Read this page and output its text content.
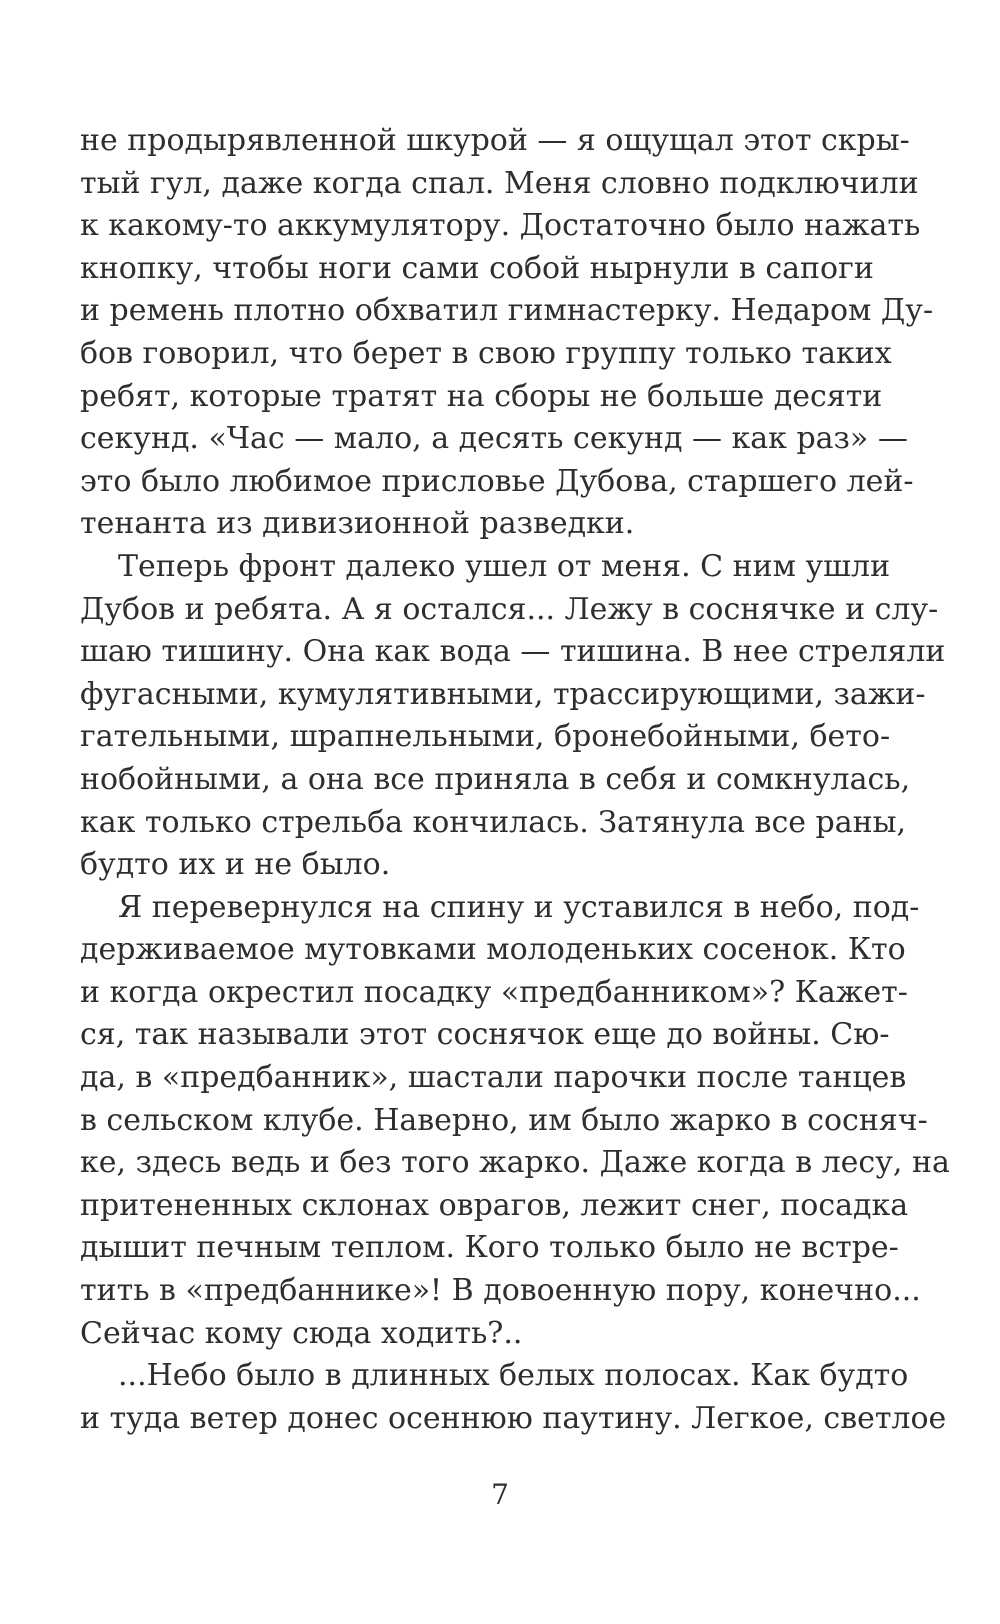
не продырявленной шкурой — я ощущал этот скры-
тый гул, даже когда спал. Меня словно подключили
к какому-то аккумулятору. Достаточно было нажать
кнопку, чтобы ноги сами собой нырнули в сапоги
и ремень плотно обхватил гимнастерку. Недаром Ду-
бов говорил, что берет в свою группу только таких
ребят, которые тратят на сборы не больше десяти
секунд. «Час — мало, а десять секунд — как раз» —
это было любимое присловье Дубова, старшего лей-
тенанта из дивизионной разведки.
Теперь фронт далеко ушел от меня. С ним ушли
Дубов и ребята. А я остался... Лежу в соснячке и слу-
шаю тишину. Она как вода — тишина. В нее стреляли
фугасными, кумулятивными, трассирующими, зажи-
гательными, шрапнельными, бронебойными, бето-
нобойными, а она все приняла в себя и сомкнулась,
как только стрельба кончилась. Затянула все раны,
будто их и не было.
Я перевернулся на спину и уставился в небо, под-
держиваемое мутовками молоденьких сосенок. Кто
и когда окрестил посадку «предбанником»? Кажет-
ся, так называли этот соснячок еще до войны. Сю-
да, в «предбанник», шастали парочки после танцев
в сельском клубе. Наверно, им было жарко в сосняч-
ке, здесь ведь и без того жарко. Даже когда в лесу, на
притененных склонах оврагов, лежит снег, посадка
дышит печным теплом. Кого только было не встре-
тить в «предбаннике»! В довоенную пору, конечно...
Сейчас кому сюда ходить?..
...Небо было в длинных белых полосах. Как будто
и туда ветер донес осеннюю паутину. Легкое, светлое
7
